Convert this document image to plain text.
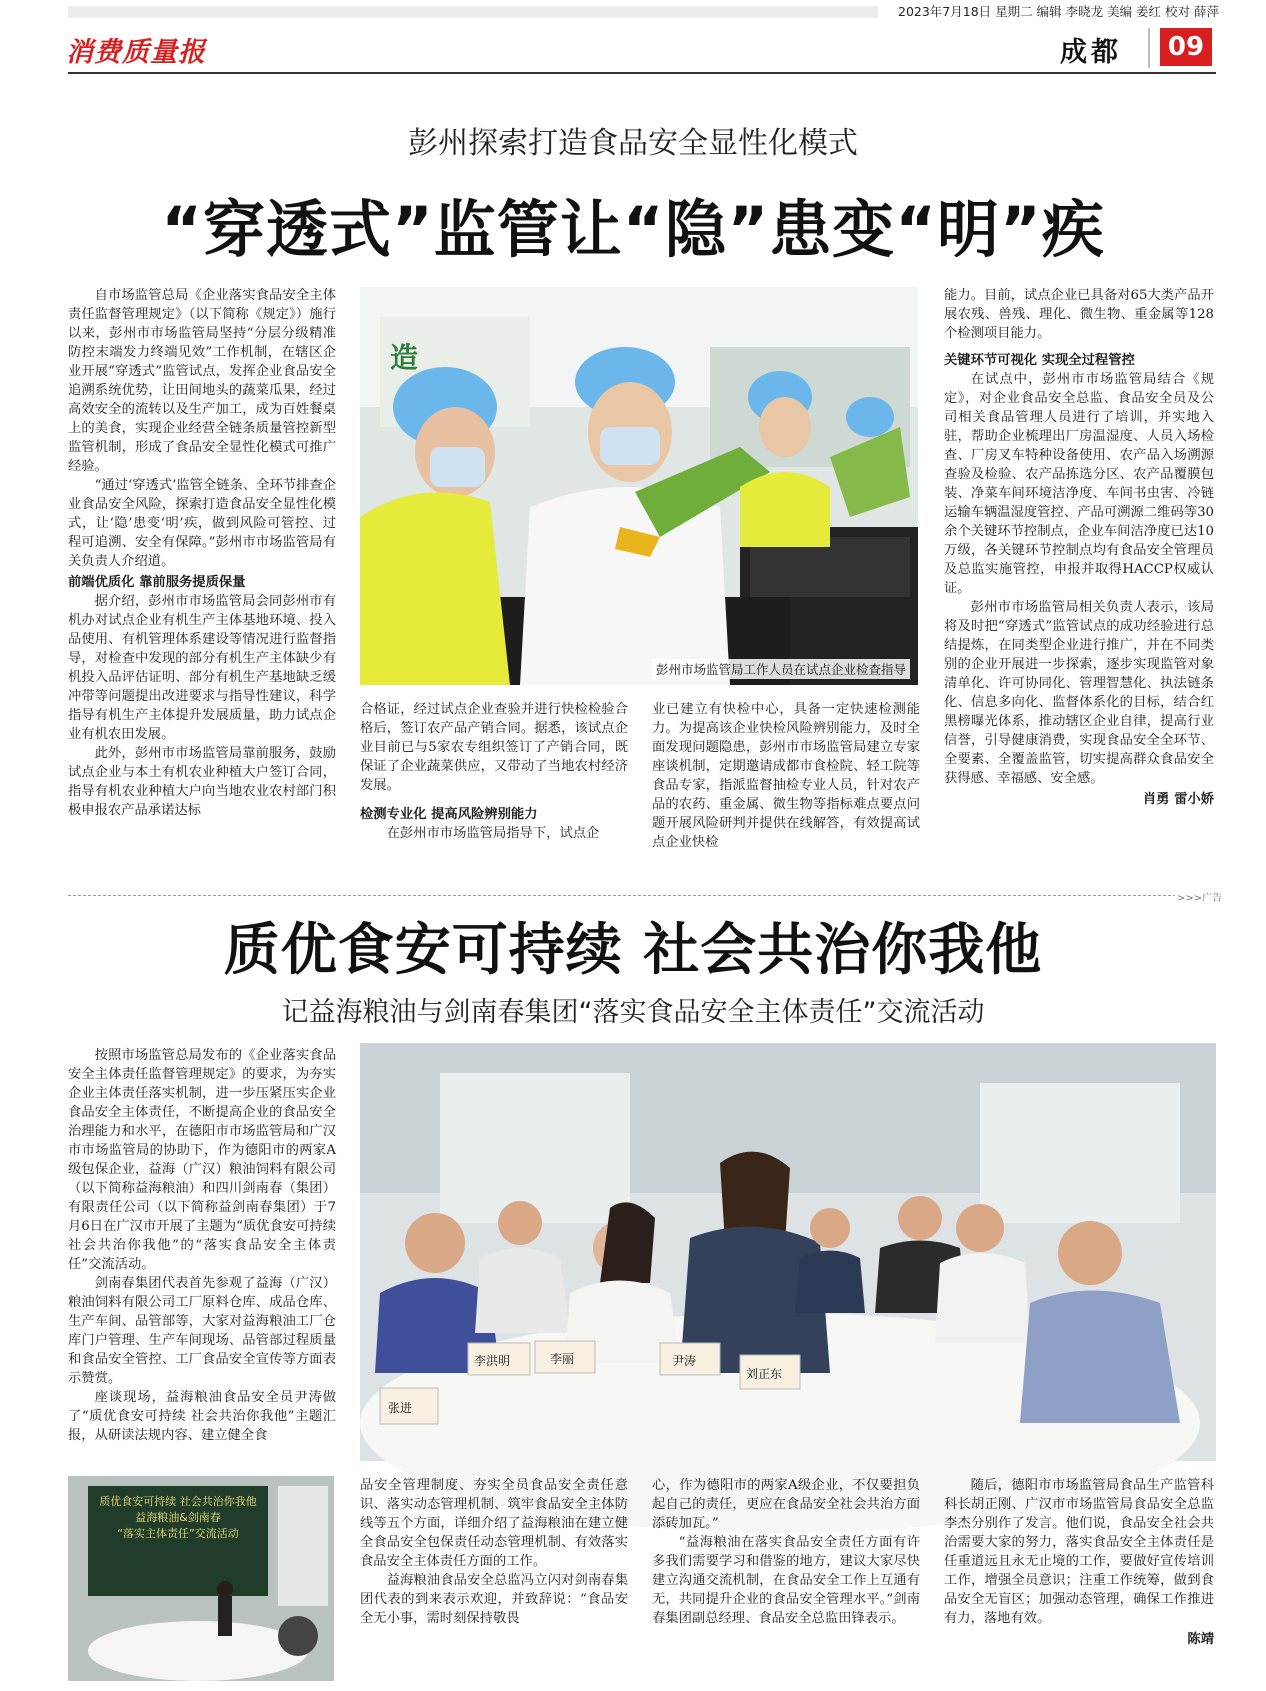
2023年7月18日 星期二 编辑 李晓龙 美编 姜红 校对 薛萍
消费质量报	成都	09
彭州探索打造食品安全显性化模式
“穿透式”监管让“隐”患变“明”疾

自市场监管总局《企业落实食品安全主体责任监督管理规定》（以下简称《规定》）施行以来，彭州市市场监管局坚持“分层分级精准防控末端发力终端见效”工作机制，在辖区企业开展“穿透式”监管试点，发挥企业食品安全追溯系统优势，让田间地头的蔬菜瓜果，经过高效安全的流转以及生产加工，成为百姓餐桌上的美食，实现企业经营全链条质量管控新型监管机制，形成了食品安全显性化模式可推广经验。

“通过‘穿透式’监管全链条、全环节排查企业食品安全风险，探索打造食品安全显性化模式，让‘隐’患变‘明’疾，做到风险可管控、过程可追溯、安全有保障。”彭州市市场监管局有关负责人介绍道。

前端优质化 靠前服务提质保量

据介绍，彭州市市场监管局会同彭州市有机办对试点企业有机生产主体基地环境、投入品使用、有机管理体系建设等情况进行监督指导，对检查中发现的部分有机生产主体缺少有机投入品评估证明、部分有机生产基地缺乏缓冲带等问题提出改进要求与指导性建议，科学指导有机生产主体提升发展质量，助力试点企业有机农田发展。

此外，彭州市市场监管局靠前服务，鼓励试点企业与本土有机农业种植大户签订合同，指导有机农业种植大户向当地农业农村部门积极申报农产品承诺达标

造
彭州市场监管局工作人员在试点企业检查指导

合格证，经过试点企业查验并进行快检检验合格后，签订农产品产销合同。据悉，该试点企业目前已与5家农专组织签订了产销合同，既保证了企业蔬菜供应，又带动了当地农村经济发展。

检测专业化 提高风险辨别能力

在彭州市市场监管局指导下，试点企

业已建立有快检中心，具备一定快速检测能力。为提高该企业快检风险辨别能力，及时全面发现问题隐患，彭州市市场监管局建立专家座谈机制，定期邀请成都市食检院、轻工院等食品专家，指派监督抽检专业人员，针对农产品的农药、重金属、微生物等指标难点要点问题开展风险研判并提供在线解答，有效提高试点企业快检

能力。目前，试点企业已具备对65大类产品开展农残、兽残、理化、微生物、重金属等128个检测项目能力。

关键环节可视化 实现全过程管控

在试点中，彭州市市场监管局结合《规定》，对企业食品安全总监、食品安全员及公司相关食品管理人员进行了培训，并实地入驻，帮助企业梳理出厂房温湿度、人员入场检查、厂房叉车特种设备使用、农产品入场溯源查验及检验、农产品拣选分区、农产品覆膜包装、净菜车间环境洁净度、车间书虫害、冷链运输车辆温湿度管控、产品可溯源二维码等30余个关键环节控制点，企业车间洁净度已达10万级，各关键环节控制点均有食品安全管理员及总监实施管控，申报并取得HACCP权威认证。

彭州市市场监管局相关负责人表示，该局将及时把“穿透式”监管试点的成功经验进行总结提炼，在同类型企业进行推广，并在不同类别的企业开展进一步探索，逐步实现监管对象清单化、许可协同化、管理智慧化、执法链条化、信息多向化、监督体系化的目标，结合红黑榜曝光体系，推动辖区企业自律，提高行业信誉，引导健康消费，实现食品安全全环节、全要素、全覆盖监管，切实提高群众食品安全获得感、幸福感、安全感。

肖勇 雷小娇
>>>广告
质优食安可持续 社会共治你我他
记益海粮油与剑南春集团“落实食品安全主体责任”交流活动

按照市场监管总局发布的《企业落实食品安全主体责任监督管理规定》的要求，为夯实企业主体责任落实机制，进一步压紧压实企业食品安全主体责任，不断提高企业的食品安全治理能力和水平，在德阳市市场监管局和广汉市市场监管局的协助下，作为德阳市的两家A级包保企业，益海（广汉）粮油饲料有限公司（以下简称益海粮油）和四川剑南春（集团）有限责任公司（以下简称益剑南春集团）于7月6日在广汉市开展了主题为“质优食安可持续 社会共治你我他”的“落实食品安全主体责任”交流活动。

剑南春集团代表首先参观了益海（广汉）粮油饲料有限公司工厂原料仓库、成品仓库、生产车间、品管部等，大家对益海粮油工厂仓库门户管理、生产车间现场、品管部过程质量和食品安全管控、工厂食品安全宣传等方面表示赞赏。

座谈现场，益海粮油食品安全员尹涛做了“质优食安可持续 社会共治你我他”主题汇报，从研读法规内容、建立健全食

质优食安可持续 社会共治你我他
益海粮油&剑南春
“落实主体责任”交流活动
张进
李洪明	李丽	尹涛
刘正东

品安全管理制度、夯实全员食品安全责任意识、落实动态管理机制、筑牢食品安全主体防线等五个方面，详细介绍了益海粮油在建立健全食品安全包保责任动态管理机制、有效落实食品安全主体责任方面的工作。

益海粮油食品安全总监冯立闪对剑南春集团代表的到来表示欢迎，并致辞说：“食品安全无小事，需时刻保持敬畏

心，作为德阳市的两家A级企业，不仅要担负起自己的责任，更应在食品安全社会共治方面添砖加瓦。”

“益海粮油在落实食品安全责任方面有许多我们需要学习和借鉴的地方，建议大家尽快建立沟通交流机制，在食品安全工作上互通有无，共同提升企业的食品安全管理水平。”剑南春集团副总经理、食品安全总监田锋表示。

随后，德阳市市场监管局食品生产监管科科长胡正刚、广汉市市场监管局食品安全总监李杰分别作了发言。他们说，食品安全社会共治需要大家的努力，落实食品安全主体责任是任重道远且永无止境的工作，要做好宣传培训工作，增强全员意识；注重工作统筹，做到食品安全无盲区；加强动态管理，确保工作推进有力，落地有效。

陈靖
